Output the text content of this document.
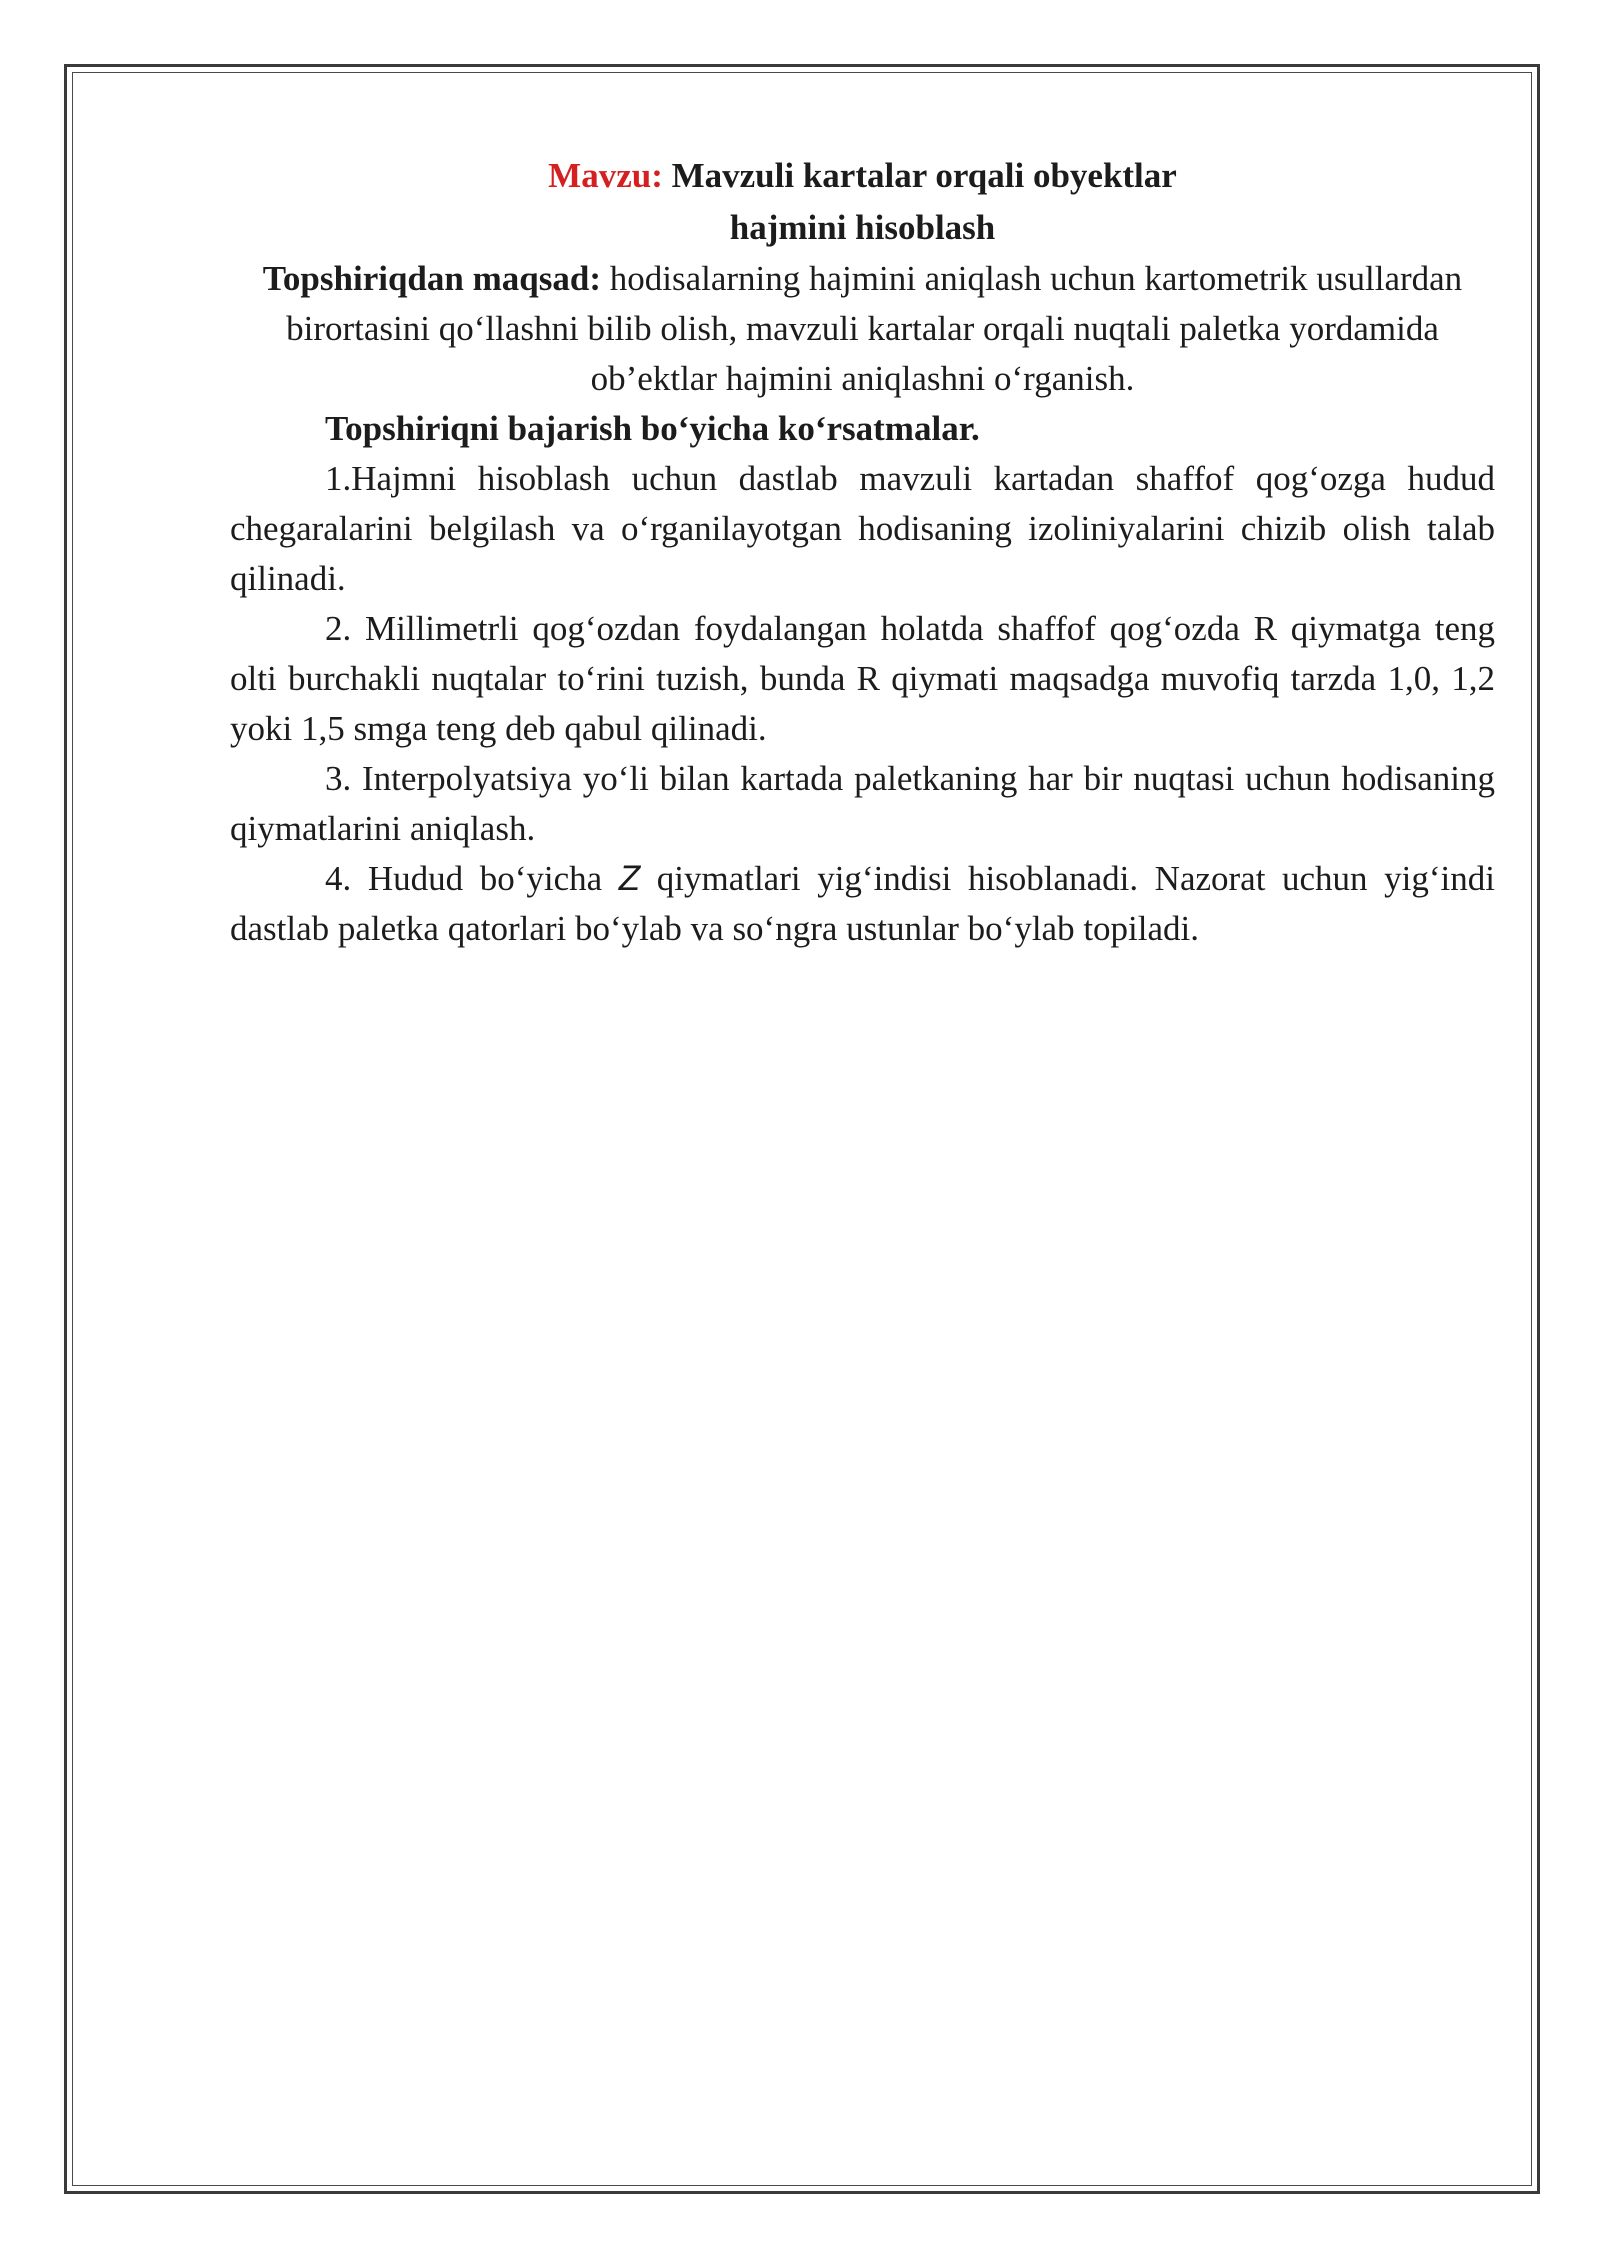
Mavzu: Mavzuli kartalar orqali obyektlar
hajmini hisoblash

Topshiriqdan maqsad: hodisalarning hajmini aniqlash uchun kartometrik usullardan birortasini qo‘llashni bilib olish, mavzuli kartalar orqali nuqtali paletka yordamida ob’ektlar hajmini aniqlashni o‘rganish.

Topshiriqni bajarish bo‘yicha ko‘rsatmalar.

1.Hajmni hisoblash uchun dastlab mavzuli kartadan shaffof qog‘ozga hudud chegaralarini belgilash va o‘rganilayotgan hodisaning izoliniyalarini chizib olish talab qilinadi.

2. Millimetrli qog‘ozdan foydalangan holatda shaffof qog‘ozda R qiymatga teng olti burchakli nuqtalar to‘rini tuzish, bunda R qiymati maqsadga muvofiq tarzda 1,0, 1,2 yoki 1,5 smga teng deb qabul qilinadi.

3. Interpolyatsiya yo‘li bilan kartada paletkaning har bir nuqtasi uchun hodisaning qiymatlarini aniqlash.

4. Hudud bo‘yicha Z qiymatlari yig‘indisi hisoblanadi. Nazorat uchun yig‘indi dastlab paletka qatorlari bo‘ylab va so‘ngra ustunlar bo‘ylab topiladi.
